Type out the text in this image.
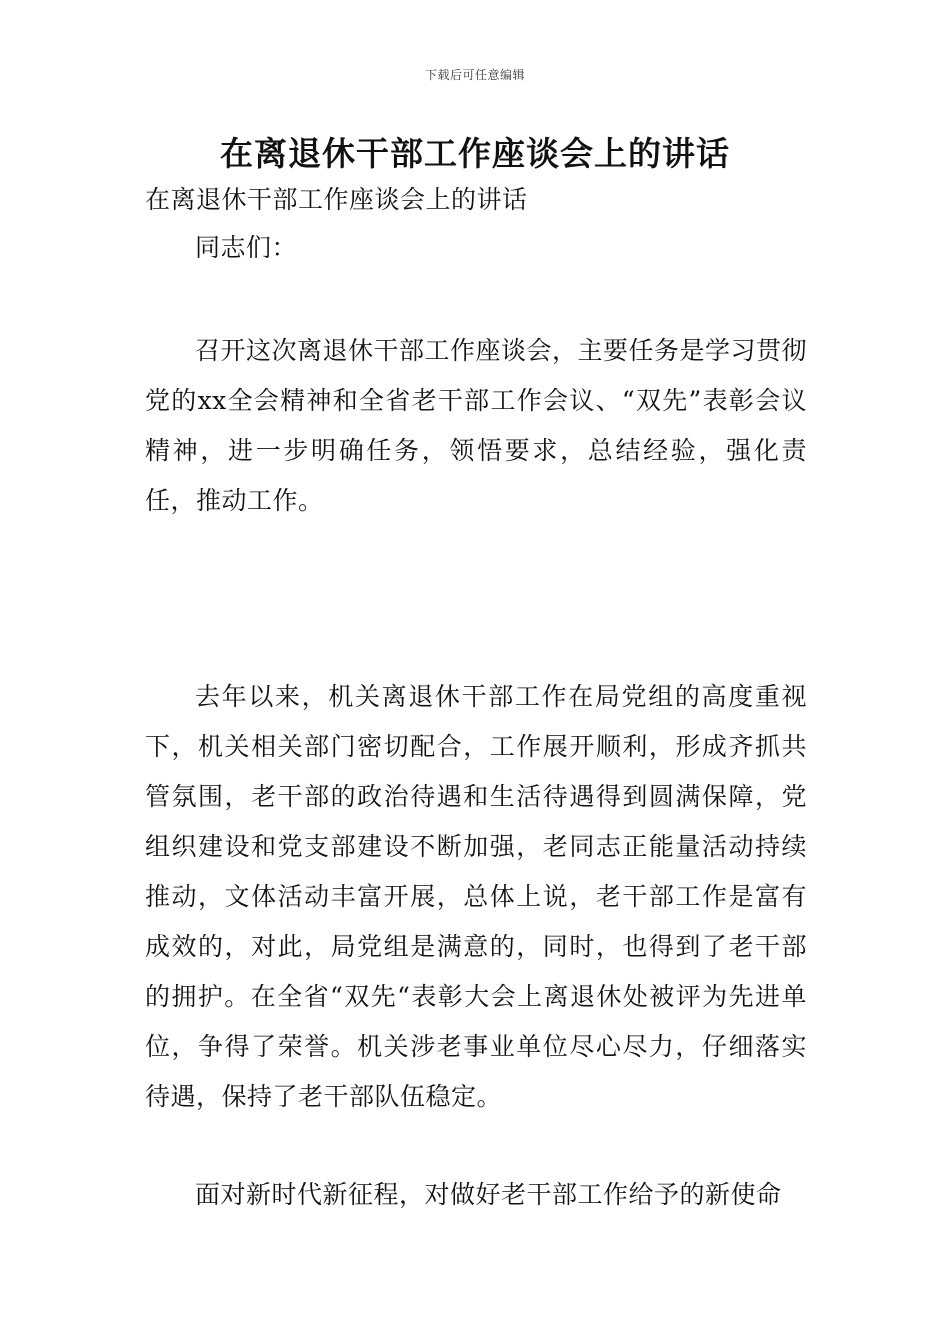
下载后可任意编辑
在离退休干部工作座谈会上的讲话

在离退休干部工作座谈会上的讲话

同志们：

召开这次离退休干部工作座谈会，主要任务是学习贯彻党的xx全会精神和全省老干部工作会议、“双先”表彰会议精神，进一步明确任务，领悟要求，总结经验，强化责任，推动工作。

去年以来，机关离退休干部工作在局党组的高度重视下，机关相关部门密切配合，工作展开顺利，形成齐抓共管氛围，老干部的政治待遇和生活待遇得到圆满保障，党组织建设和党支部建设不断加强，老同志正能量活动持续推动，文体活动丰富开展，总体上说，老干部工作是富有成效的，对此，局党组是满意的，同时，也得到了老干部的拥护。在全省“双先“表彰大会上离退休处被评为先进单位，争得了荣誉。机关涉老事业单位尽心尽力，仔细落实待遇，保持了老干部队伍稳定。

面对新时代新征程，对做好老干部工作给予的新使命
